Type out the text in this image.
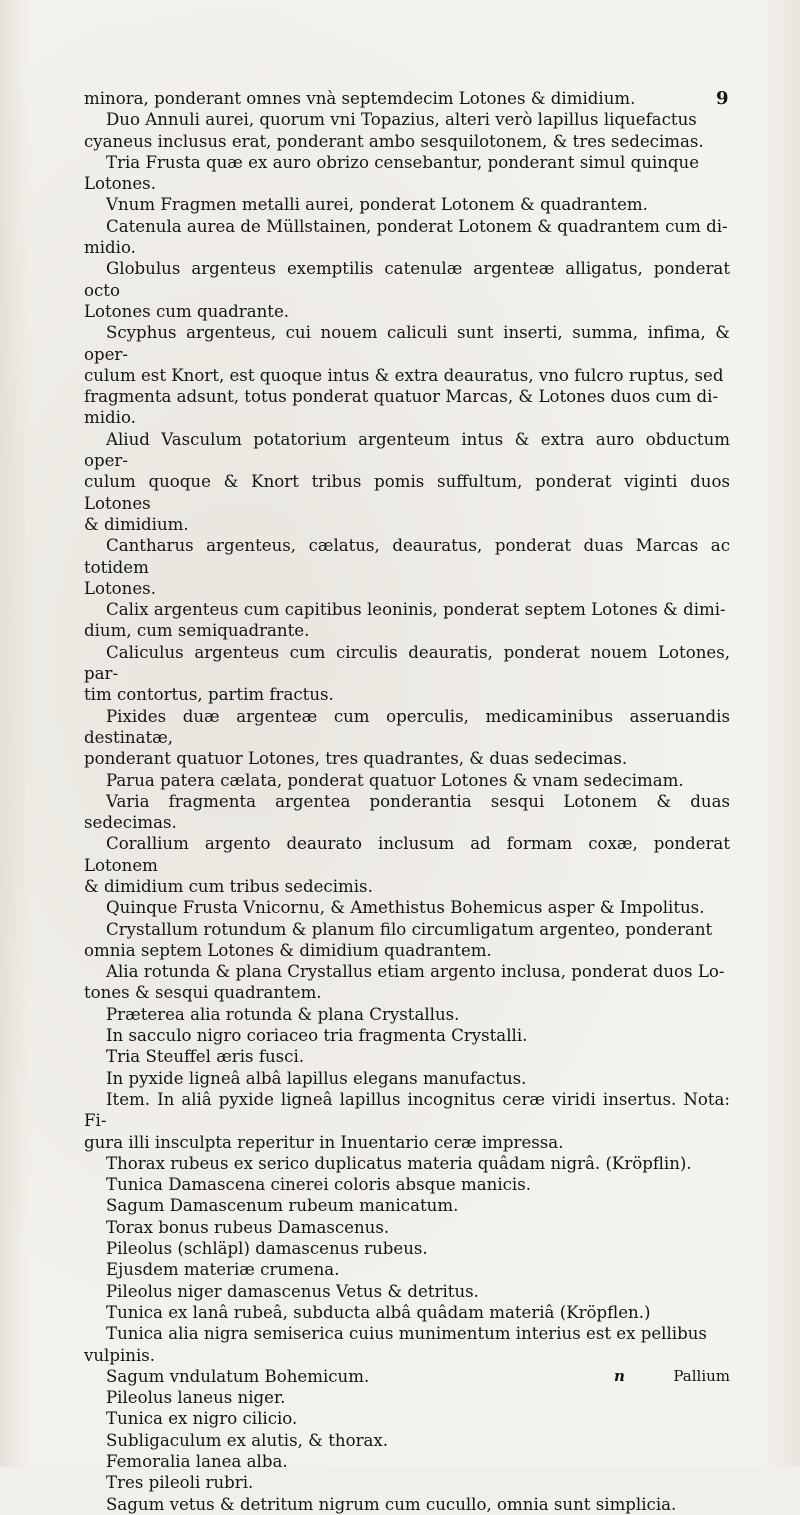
9

minora, ponderant omnes vnà septemdecim Lotones & dimidium.

Duo Annuli aurei, quorum vni Topazius, alteri verò lapillus liquefactus

cyaneus inclusus erat, ponderant ambo sesquilotonem, & tres sedecimas.

Tria Frusta quæ ex auro obrizo censebantur, ponderant simul quinque

Lotones.

Vnum Fragmen metalli aurei, ponderat Lotonem & quadrantem.

Catenula aurea de Müllstainen, ponderat Lotonem & quadrantem cum di-

midio.

Globulus argenteus exemptilis catenulæ argenteæ alligatus, ponderat octo

Lotones cum quadrante.

Scyphus argenteus, cui nouem caliculi sunt inserti, summa, infima, & oper-

culum est Knort, est quoque intus & extra deauratus, vno fulcro ruptus, sed

fragmenta adsunt, totus ponderat quatuor Marcas, & Lotones duos cum di-

midio.

Aliud Vasculum potatorium argenteum intus & extra auro obductum oper-

culum quoque & Knort tribus pomis suffultum, ponderat viginti duos Lotones

& dimidium.

Cantharus argenteus, cælatus, deauratus, ponderat duas Marcas ac totidem

Lotones.

Calix argenteus cum capitibus leoninis, ponderat septem Lotones & dimi-

dium, cum semiquadrante.

Caliculus argenteus cum circulis deauratis, ponderat nouem Lotones, par-

tim contortus, partim fractus.

Pixides duæ argenteæ cum operculis, medicaminibus asseruandis destinatæ,

ponderant quatuor Lotones, tres quadrantes, & duas sedecimas.

Parua patera cælata, ponderat quatuor Lotones & vnam sedecimam.

Varia fragmenta argentea ponderantia sesqui Lotonem & duas sedecimas.

Corallium argento deaurato inclusum ad formam coxæ, ponderat Lotonem

& dimidium cum tribus sedecimis.

Quinque Frusta Vnicornu, & Amethistus Bohemicus asper & Impolitus.

Crystallum rotundum & planum filo circumligatum argenteo, ponderant

omnia septem Lotones & dimidium quadrantem.

Alia rotunda & plana Crystallus etiam argento inclusa, ponderat duos Lo-

tones & sesqui quadrantem.

Præterea alia rotunda & plana Crystallus.

In sacculo nigro coriaceo tria fragmenta Crystalli.

Tria Steuffel æris fusci.

In pyxide ligneâ albâ lapillus elegans manufactus.

Item. In aliâ pyxide ligneâ lapillus incognitus ceræ viridi insertus. Nota: Fi-

gura illi insculpta reperitur in Inuentario ceræ impressa.

Thorax rubeus ex serico duplicatus materia quâdam nigrâ. (Kröpflin).

Tunica Damascena cinerei coloris absque manicis.

Sagum Damascenum rubeum manicatum.

Torax bonus rubeus Damascenus.

Pileolus (schläpl) damascenus rubeus.

Ejusdem materiæ crumena.

Pileolus niger damascenus Vetus & detritus.

Tunica ex lanâ rubeâ, subducta albâ quâdam materiâ (Kröpflen.)

Tunica alia nigra semiserica cuius munimentum interius est ex pellibus

vulpinis.

Sagum vndulatum Bohemicum.

Pileolus laneus niger.

Tunica ex nigro cilicio.

Subligaculum ex alutis, & thorax.

Femoralia lanea alba.

Tres pileoli rubri.

Sagum vetus & detritum nigrum cum cucullo, omnia sunt simplicia.

n	Pallium
